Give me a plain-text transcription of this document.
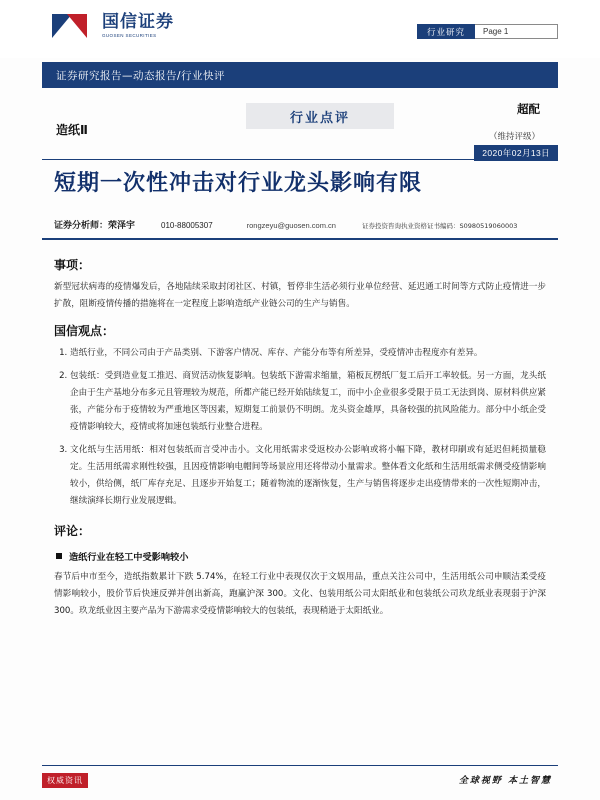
国信证券
GUOSEN SECURITIES	行业研究	Page 1
证券研究报告—动态报告/行业快评
造纸Ⅱ
行业点评
超配
（维持评级）
2020年02月13日
短期一次性冲击对行业龙头影响有限
证券分析师： 荣泽宇	010-88005307	rongzeyu@guosen.com.cn	证券投资咨询执业资格证书编码：S0980519060003
事项：

新型冠状病毒的疫情爆发后，各地陆续采取封闭社区、村镇，暂停非生活必须行业单位经营、延迟通工时间等方式防止疫情进一步扩散，阻断疫情传播的措施将在一定程度上影响造纸产业链公司的生产与销售。

国信观点：
1. 造纸行业，不同公司由于产品类别、下游客户情况、库存、产能分布等有所差异，受疫情冲击程度亦有差异。
2. 包装纸：受到造业复工推迟、商贸活动恢复影响。包装纸下游需求缩量，箱板瓦楞纸厂复工后开工率较低。另一方面，龙头纸企由于生产基地分布多元且管理较为规范，所都产能已经开始陆续复工，而中小企业很多受限于员工无法到岗、原材料供应紧张，产能分布于疫情较为严重地区等因素，短期复工前景仍不明朗。龙头资金雄厚，具备较强的抗风险能力。部分中小纸企受疫情影响较大，疫情或将加速包装纸行业整合进程。
3. 文化纸与生活用纸：相对包装纸而言受冲击小。文化用纸需求受返校办公影响或将小幅下降，教材印刷或有延迟但耗损量稳定。生活用纸需求刚性较强，且因疫情影响电帽间等场景应用还将带动小量需求。整体看文化纸和生活用纸需求侧受疫情影响较小，供给侧，纸厂库存充足、且逐步开始复工；随着物流的逐渐恢复，生产与销售将逐步走出疫情带来的一次性短期冲击，继续演绎长期行业发展逻辑。
评论：
造纸行业在轻工中受影响较小

春节后申市至今，造纸指数累计下跌 5.74%，在轻工行业中表现仅次于文娱用品，重点关注公司中，生活用纸公司申顺洁柔受疫情影响较小，股价节后快速反弹并创出新高，跑赢沪深 300。文化、包装用纸公司太阳纸业和包装纸公司玖龙纸业表现弱于沪深300。玖龙纸业因主要产品为下游需求受疫情影响较大的包装纸，表现稍逊于太阳纸业。

权威资讯	全球视野 本土智慧
